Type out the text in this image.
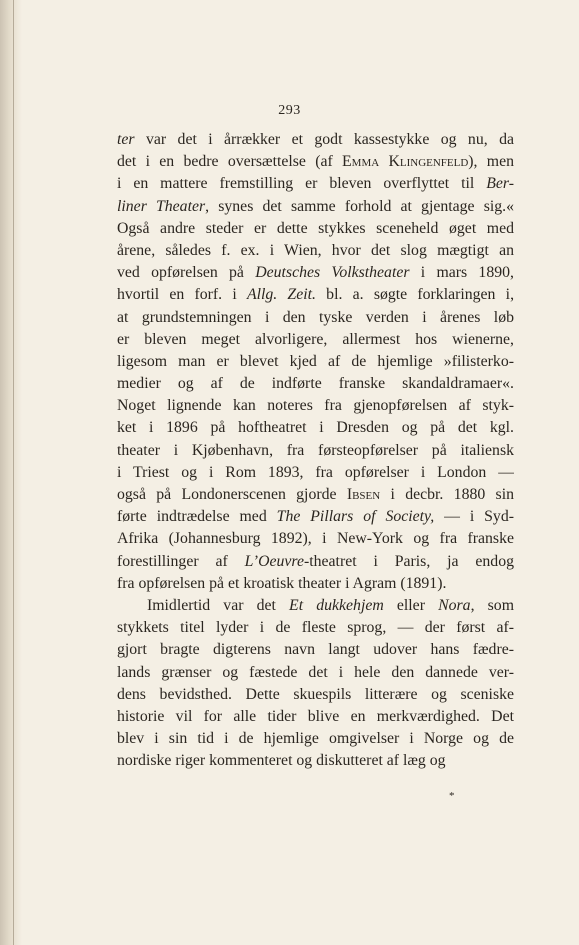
293
ter var det i årrækker et godt kassestykke og nu, da
det i en bedre oversættelse (af Emma Klingenfeld), men
i en mattere fremstilling er bleven overflyttet til Ber-
liner Theater, synes det samme forhold at gjentage sig.«
Også andre steder er dette stykkes sceneheld øget med
årene, således f. ex. i Wien, hvor det slog mægtigt an
ved opførelsen på Deutsches Volkstheater i mars 1890,
hvortil en forf. i Allg. Zeit. bl. a. søgte forklaringen i,
at grundstemningen i den tyske verden i årenes løb
er bleven meget alvorligere, allermest hos wienerne,
ligesom man er blevet kjed af de hjemlige »filisterko-
medier og af de indførte franske skandaldramaer«.
Noget lignende kan noteres fra gjenopførelsen af styk-
ket i 1896 på hoftheatret i Dresden og på det kgl.
theater i Kjøbenhavn, fra førsteopførelser på italiensk
i Triest og i Rom 1893, fra opførelser i London —
også på Londonerscenen gjorde Ibsen i decbr. 1880 sin
førte indtrædelse med The Pillars of Society, — i Syd-
Afrika (Johannesburg 1892), i New-York og fra franske
forestillinger af L’Oeuvre-theatret i Paris, ja endog
fra opførelsen på et kroatisk theater i Agram (1891).
Imidlertid var det Et dukkehjem eller Nora, som
stykkets titel lyder i de fleste sprog, — der først af-
gjort bragte digterens navn langt udover hans fædre-
lands grænser og fæstede det i hele den dannede ver-
dens bevidsthed. Dette skuespils litterære og sceniske
historie vil for alle tider blive en merkværdighed. Det
blev i sin tid i de hjemlige omgivelser i Norge og de
nordiske riger kommenteret og diskutteret af læg og
*
